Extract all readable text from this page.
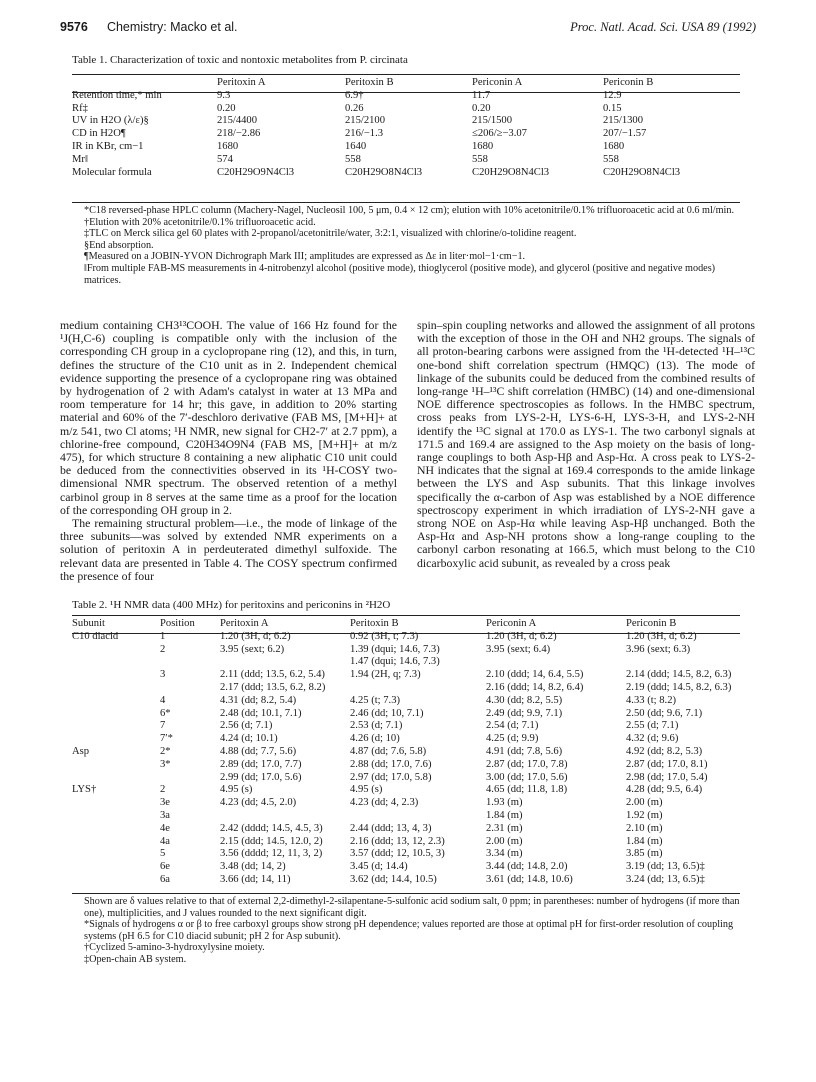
9576 Chemistry: Macko et al.	Proc. Natl. Acad. Sci. USA 89 (1992)
Table 1. Characterization of toxic and nontoxic metabolites from P. circinata
	Peritoxin A	Peritoxin B	Periconin A	Periconin B
Retention time,* min	9.3	6.9†	11.7	12.9
Rf‡	0.20	0.26	0.20	0.15
UV in H2O (λ/ε)§	215/4400	215/2100	215/1500	215/1300
CD in H2O¶	218/−2.86	216/−1.3	≤206/≥−3.07	207/−1.57
IR in KBr, cm−1	1680	1640	1680	1680
Mr‖	574	558	558	558
Molecular formula	C20H29O9N4Cl3	C20H29O8N4Cl3	C20H29O8N4Cl3	C20H29O8N4Cl3

*C18 reversed-phase HPLC column (Machery-Nagel, Nucleosil 100, 5 μm, 0.4 × 12 cm); elution with 10% acetonitrile/0.1% trifluoroacetic acid at 0.6 ml/min.

†Elution with 20% acetonitrile/0.1% trifluoroacetic acid.

‡TLC on Merck silica gel 60 plates with 2-propanol/acetonitrile/water, 3:2:1, visualized with chlorine/o-tolidine reagent.

§End absorption.

¶Measured on a JOBIN-YVON Dichrograph Mark III; amplitudes are expressed as Δε in liter·mol−1·cm−1.

‖From multiple FAB-MS measurements in 4-nitrobenzyl alcohol (positive mode), thioglycerol (positive mode), and glycerol (positive and negative modes) matrices.

medium containing CH3¹³COOH. The value of 166 Hz found for the ¹J(H,C-6) coupling is compatible only with the inclusion of the corresponding CH group in a cyclopropane ring (12), and this, in turn, defines the structure of the C10 unit as in 2. Independent chemical evidence supporting the presence of a cyclopropane ring was obtained by hydrogenation of 2 with Adam's catalyst in water at 13 MPa and room temperature for 14 hr; this gave, in addition to 20% starting material and 60% of the 7′-deschloro derivative (FAB MS, [M+H]+ at m/z 541, two Cl atoms; ¹H NMR, new signal for CH2-7′ at 2.7 ppm), a chlorine-free compound, C20H34O9N4 (FAB MS, [M+H]+ at m/z 475), for which structure 8 containing a new aliphatic C10 unit could be deduced from the connectivities observed in its ¹H-COSY two-dimensional NMR spectrum. The observed retention of a methyl carbinol group in 8 serves at the same time as a proof for the location of the corresponding OH group in 2.

The remaining structural problem—i.e., the mode of linkage of the three subunits—was solved by extended NMR experiments on a solution of peritoxin A in perdeuterated dimethyl sulfoxide. The relevant data are presented in Table 4. The COSY spectrum confirmed the presence of four

spin–spin coupling networks and allowed the assignment of all protons with the exception of those in the OH and NH2 groups. The signals of all proton-bearing carbons were assigned from the ¹H-detected ¹H–¹³C one-bond shift correlation spectrum (HMQC) (13). The mode of linkage of the subunits could be deduced from the combined results of long-range ¹H–¹³C shift correlation (HMBC) (14) and one-dimensional NOE difference spectroscopies as follows. In the HMBC spectrum, cross peaks from LYS-2-H, LYS-6-H, LYS-3-H, and LYS-2-NH identify the ¹³C signal at 170.0 as LYS-1. The two carbonyl signals at 171.5 and 169.4 are assigned to the Asp moiety on the basis of long-range couplings to both Asp-Hβ and Asp-Hα. A cross peak to LYS-2-NH indicates that the signal at 169.4 corresponds to the amide linkage between the LYS and Asp subunits. That this linkage involves specifically the α-carbon of Asp was established by a NOE difference spectroscopy experiment in which irradiation of LYS-2-NH gave a strong NOE on Asp-Hα while leaving Asp-Hβ unchanged. Both the Asp-Hα and Asp-NH protons show a long-range coupling to the carbonyl carbon resonating at 166.5, which must belong to the C10 dicarboxylic acid subunit, as revealed by a cross peak

Table 2. ¹H NMR data (400 MHz) for peritoxins and periconins in ²H2O
Subunit	Position	Peritoxin A	Peritoxin B	Periconin A	Periconin B
C10 diacid	1	1.20 (3H, d; 6.2)	0.92 (3H, t; 7.3)	1.20 (3H, d; 6.2)	1.20 (3H, d; 6.2)
	2	3.95 (sext; 6.2)	1.39 (dqui; 14.6, 7.3)	3.95 (sext; 6.4)	3.96 (sext; 6.3)
			1.47 (dqui; 14.6, 7.3)		
	3	2.11 (ddd; 13.5, 6.2, 5.4)	1.94 (2H, q; 7.3)	2.10 (ddd; 14, 6.4, 5.5)	2.14 (ddd; 14.5, 8.2, 6.3)
		2.17 (ddd; 13.5, 6.2, 8.2)		2.16 (ddd; 14, 8.2, 6.4)	2.19 (ddd; 14.5, 8.2, 6.3)
	4	4.31 (dd; 8.2, 5.4)	4.25 (t; 7.3)	4.30 (dd; 8.2, 5.5)	4.33 (t; 8.2)
	6*	2.48 (dd; 10.1, 7.1)	2.46 (dd; 10, 7.1)	2.49 (dd; 9.9, 7.1)	2.50 (dd; 9.6, 7.1)
	7	2.56 (d; 7.1)	2.53 (d; 7.1)	2.54 (d; 7.1)	2.55 (d; 7.1)
	7′*	4.24 (d; 10.1)	4.26 (d; 10)	4.25 (d; 9.9)	4.32 (d; 9.6)
Asp	2*	4.88 (dd; 7.7, 5.6)	4.87 (dd; 7.6, 5.8)	4.91 (dd; 7.8, 5.6)	4.92 (dd; 8.2, 5.3)
	3*	2.89 (dd; 17.0, 7.7)	2.88 (dd; 17.0, 7.6)	2.87 (dd; 17.0, 7.8)	2.87 (dd; 17.0, 8.1)
		2.99 (dd; 17.0, 5.6)	2.97 (dd; 17.0, 5.8)	3.00 (dd; 17.0, 5.6)	2.98 (dd; 17.0, 5.4)
LYS†	2	4.95 (s)	4.95 (s)	4.65 (dd; 11.8, 1.8)	4.28 (dd; 9.5, 6.4)
	3e	4.23 (dd; 4.5, 2.0)	4.23 (dd; 4, 2.3)	1.93 (m)	2.00 (m)
	3a			1.84 (m)	1.92 (m)
	4e	2.42 (dddd; 14.5, 4.5, 3)	2.44 (ddd; 13, 4, 3)	2.31 (m)	2.10 (m)
	4a	2.15 (ddd; 14.5, 12.0, 2)	2.16 (ddd; 13, 12, 2.3)	2.00 (m)	1.84 (m)
	5	3.56 (dddd; 12, 11, 3, 2)	3.57 (ddd; 12, 10.5, 3)	3.34 (m)	3.85 (m)
	6e	3.48 (dd; 14, 2)	3.45 (d; 14.4)	3.44 (dd; 14.8, 2.0)	3.19 (dd; 13, 6.5)‡
	6a	3.66 (dd; 14, 11)	3.62 (dd; 14.4, 10.5)	3.61 (dd; 14.8, 10.6)	3.24 (dd; 13, 6.5)‡

Shown are δ values relative to that of external 2,2-dimethyl-2-silapentane-5-sulfonic acid sodium salt, 0 ppm; in parentheses: number of hydrogens (if more than one), multiplicities, and J values rounded to the next significant digit.

*Signals of hydrogens α or β to free carboxyl groups show strong pH dependence; values reported are those at optimal pH for first-order resolution of coupling systems (pH 6.5 for C10 diacid subunit; pH 2 for Asp subunit).

†Cyclized 5-amino-3-hydroxylysine moiety.

‡Open-chain AB system.
